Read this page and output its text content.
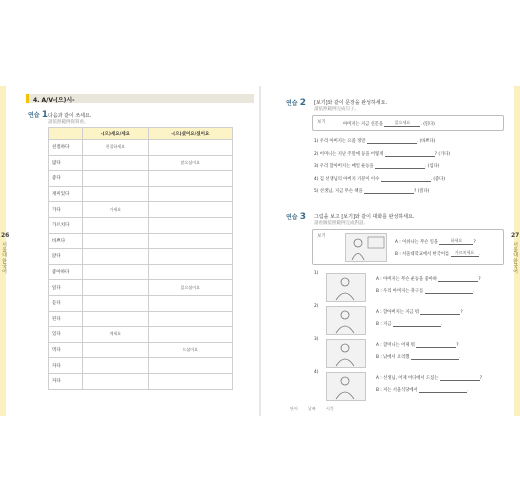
26
서울대 한국어
27
서울대 한국어
4. A/V-(으)시-
연습 1 다음과 같이 쓰세요.
請依照範例寫寫看。
	-(으)세요/세요	-(으)셨어요/셨어요
친절하다	친절하세요	
많다		많으셨어요
좋다		
재미있다		
가다	가세요	
가르치다		
바쁘다		
앉다		
좋아하다		
읽다		읽으셨어요
듣다		
된다		
있다	계세요	
먹다		드셨어요
자다		
자다		
연습 2 [보기]와 같이 문장을 완성하세요.
請依照範例完成句子。
보기	아버지는 지금 신문을	읽으세요 . (읽다)
1) 우리 아버지는 요즘 정말	. (바쁘다)
2) 어머니는 지난 주말에 등을 어떻게	? (가다)
3) 우리 할아버지는 매일 운동을	. (입다)
4) 김 선생님의 아버지 기분이 이수	. (좋다)
5) 선생님, 지금 무슨 책을	? (읽다)
연습 3 그림을 보고 [보기]와 같이 대화를 완성하세요.
請看圖依照範例完成對話。
보기
A : 이쉬나는 무슨 일을	하세요	?
B : 서울대학교에서 한국어를 가르치세요 .
1)
A : 아버지는 무슨 운동을 좋아하	?
B : 우리 아버지는 축구를	.
2)
A : 할아버지는 지금 뭐	?
B : 지금	.
3)
A : 할머니는 어제 뭐	?
B : 낚에서 요리했	.
4)
A : 선생님, 어제 어디에서 드셨는	?
B : 저는 서울식당에서	.
단어	날짜	시간
